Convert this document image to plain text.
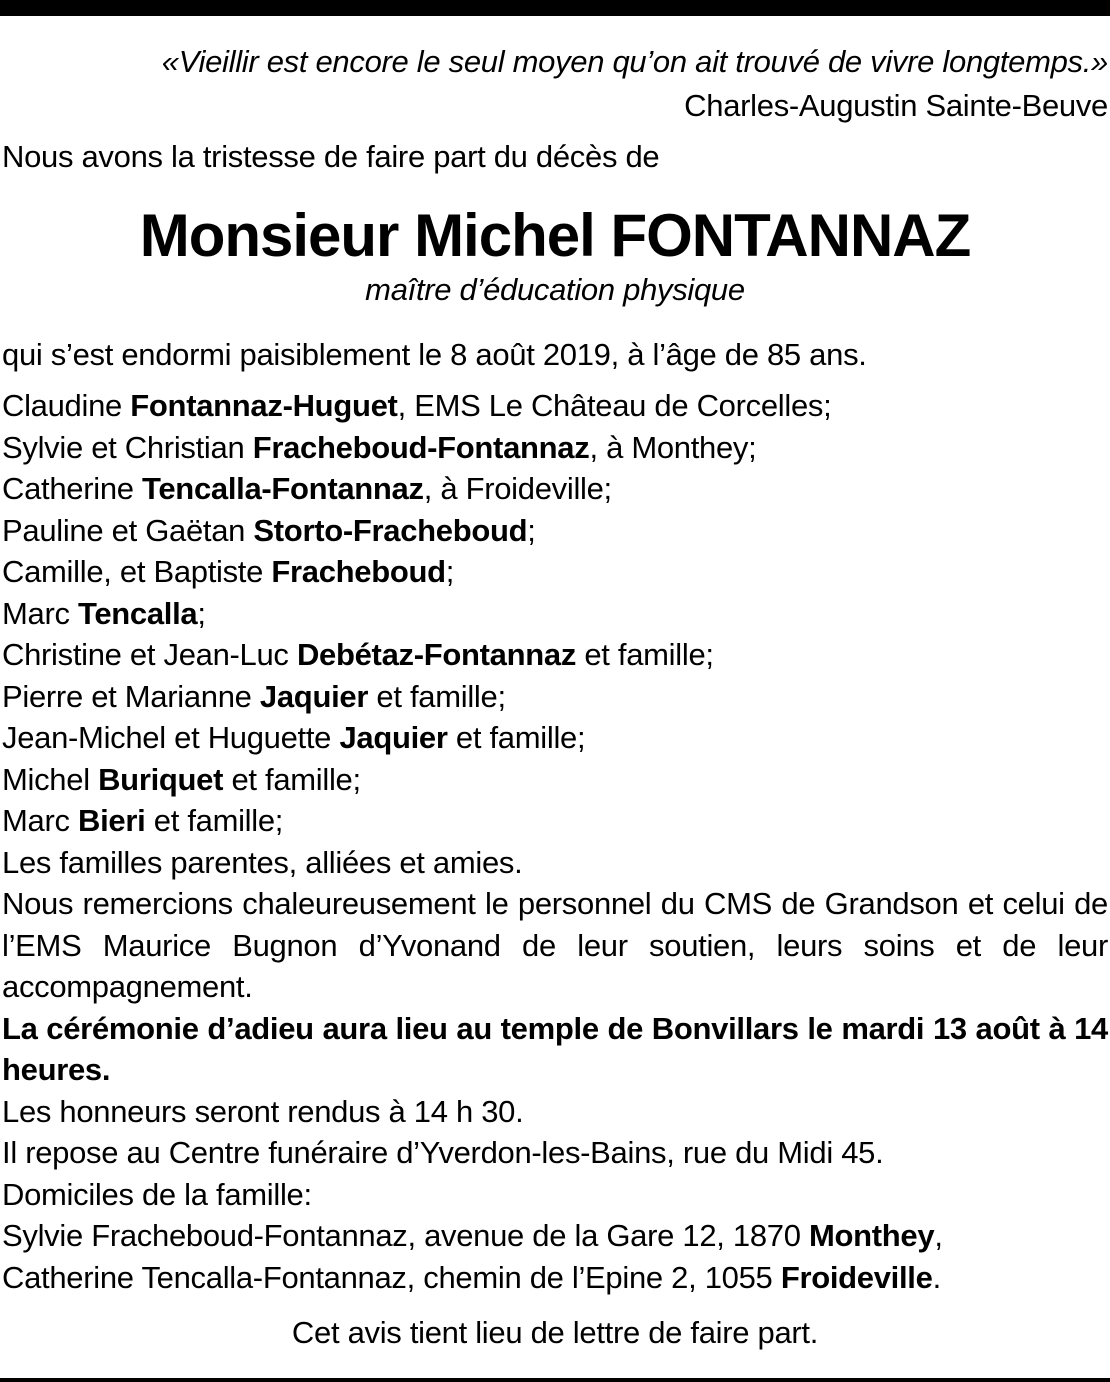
«Vieillir est encore le seul moyen qu’on ait trouvé de vivre longtemps.»
Charles-Augustin Sainte-Beuve
Nous avons la tristesse de faire part du décès de
Monsieur Michel FONTANNAZ
maître d’éducation physique
qui s’est endormi paisiblement le 8 août 2019, à l’âge de 85 ans.
Claudine Fontannaz-Huguet, EMS Le Château de Corcelles;
Sylvie et Christian Fracheboud-Fontannaz, à Monthey;
Catherine Tencalla-Fontannaz, à Froideville;
Pauline et Gaëtan Storto-Fracheboud;
Camille, et Baptiste Fracheboud;
Marc Tencalla;
Christine et Jean-Luc Debétaz-Fontannaz et famille;
Pierre et Marianne Jaquier et famille;
Jean-Michel et Huguette Jaquier et famille;
Michel Buriquet et famille;
Marc Bieri et famille;
Les familles parentes, alliées et amies.
Nous remercions chaleureusement le personnel du CMS de Grandson et celui de l’EMS Maurice Bugnon d’Yvonand de leur soutien, leurs soins et de leur accompagnement.
La cérémonie d’adieu aura lieu au temple de Bonvillars le mardi 13 août à 14 heures.
Les honneurs seront rendus à 14 h 30.
Il repose au Centre funéraire d’Yverdon-les-Bains, rue du Midi 45.
Domiciles de la famille:
Sylvie Fracheboud-Fontannaz, avenue de la Gare 12, 1870 Monthey,
Catherine Tencalla-Fontannaz, chemin de l’Epine 2, 1055 Froideville.
Cet avis tient lieu de lettre de faire part.
